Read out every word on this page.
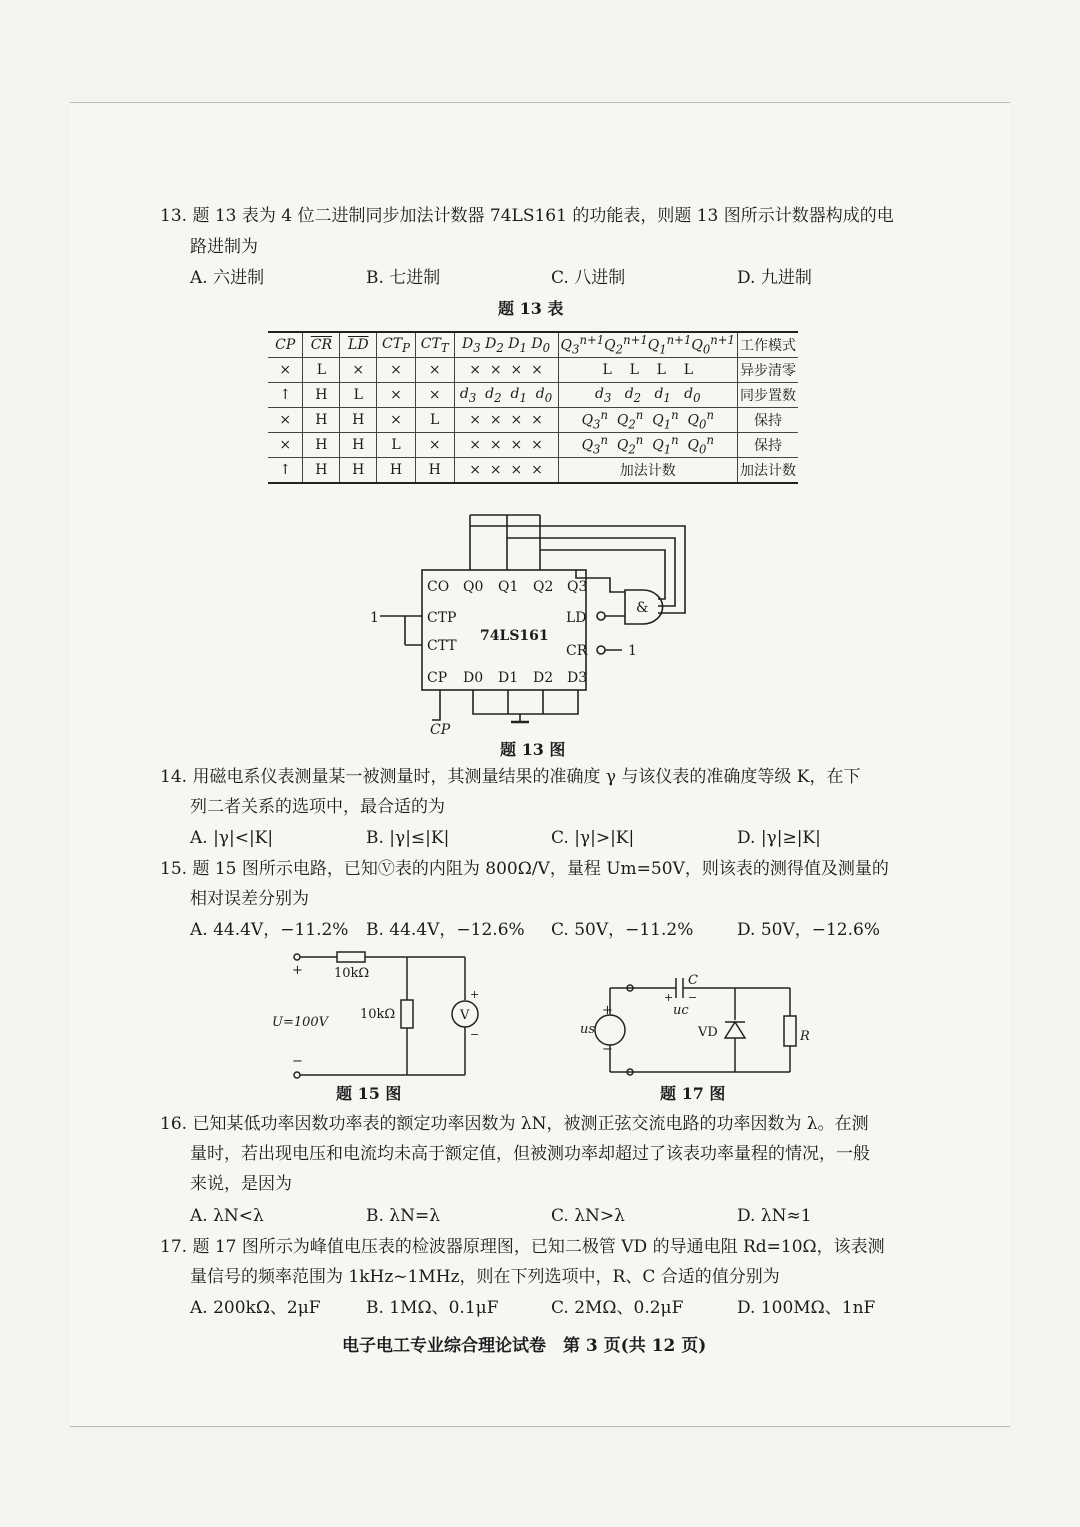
13. 题 13 表为 4 位二进制同步加法计数器 74LS161 的功能表，则题 13 图所示计数器构成的电
路进制为
A. 六进制	B. 七进制	C. 八进制	D. 九进制
题 13 表
CP	$\overline{CR}$	$\overline{LD}$	$CT_P$	$CT_T$	$D_3$ $D_2$ $D_1$ $D_0$	$Q_3^{n+1}Q_2^{n+1}Q_1^{n+1}Q_0^{n+1}$	工作模式
×	L	×	×	×	×  ×  ×  ×	L    L    L    L	异步清零
↑	H	L	×	×	$d_3$  $d_2$  $d_1$  $d_0$	$d_3$   $d_2$   $d_1$   $d_0$	同步置数
×	H	H	×	L	×  ×  ×  ×	$Q_3^n$  $Q_2^n$  $Q_1^n$  $Q_0^n$	保持
×	H	H	L	×	×  ×  ×  ×	$Q_3^n$  $Q_2^n$  $Q_1^n$  $Q_0^n$	保持
↑	H	H	H	H	×  ×  ×  ×	加法计数	加法计数
CO Q0 Q1 Q2 Q3
CTP
CTT
CP D0 D1 D2 D3
LD
CR
74LS161
&
1
1
CP
题 13 图
14. 用磁电系仪表测量某一被测量时，其测量结果的准确度 γ 与该仪表的准确度等级 K，在下
列二者关系的选项中，最合适的为
A. |γ|<|K|	B. |γ|≤|K|	C. |γ|>|K|	D. |γ|≥|K|
15. 题 15 图所示电路，已知Ⓥ表的内阻为 800Ω/V，量程 Um=50V，则该表的测得值及测量的
相对误差分别为
A. 44.4V，−11.2% B. 44.4V，−12.6% C. 50V，−11.2%	D. 50V，−12.6%
+
−
10kΩ
10kΩ
U=100V	V
+
−
题 15 图
+
−
us
C
+ −
uc
VD	R
题 17 图
16. 已知某低功率因数功率表的额定功率因数为 λN，被测正弦交流电路的功率因数为 λ。在测
量时，若出现电压和电流均未高于额定值，但被测功率却超过了该表功率量程的情况，一般
来说，是因为
A. λN<λ	B. λN=λ	C. λN>λ	D. λN≈1
17. 题 17 图所示为峰值电压表的检波器原理图，已知二极管 VD 的导通电阻 Rd=10Ω，该表测
量信号的频率范围为 1kHz~1MHz，则在下列选项中，R、C 合适的值分别为
A. 200kΩ、2μF	B. 1MΩ、0.1μF	C. 2MΩ、0.2μF	D. 100MΩ、1nF
电子电工专业综合理论试卷　第 3 页(共 12 页)
